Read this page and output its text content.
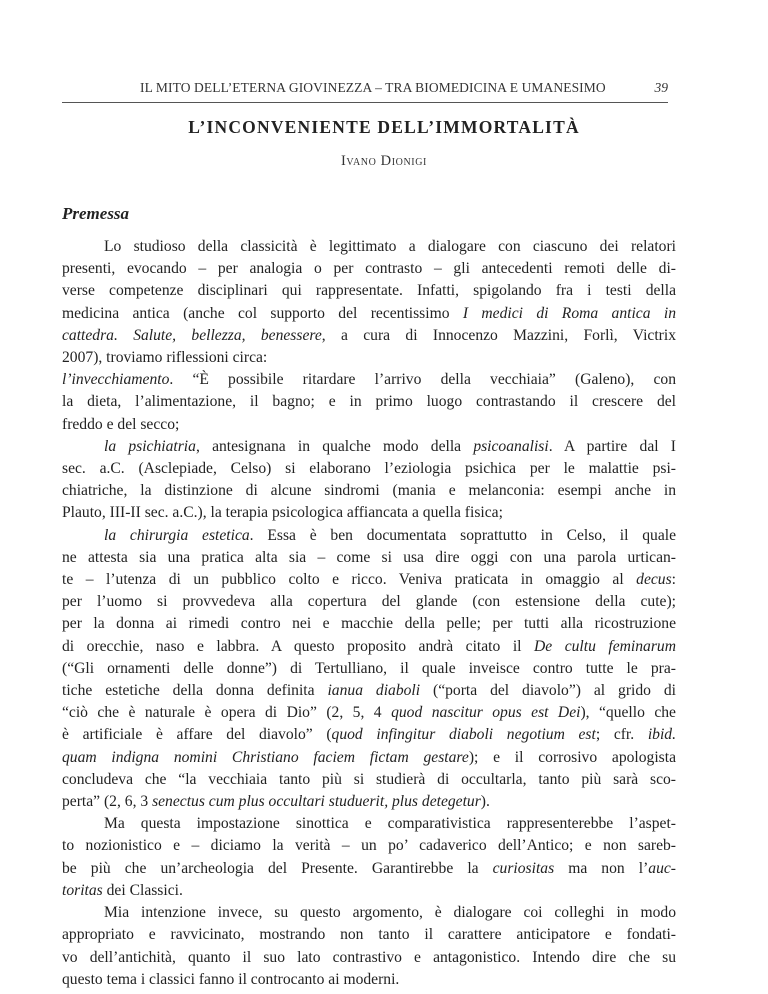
IL MITO DELL’ETERNA GIOVINEZZA – TRA BIOMEDICINA E UMANESIMO	39
L’INCONVENIENTE DELL’IMMORTALITÀ
Ivano Dionigi
Premessa
Lo studioso della classicità è legittimato a dialogare con ciascuno dei relatori
presenti, evocando – per analogia o per contrasto – gli antecedenti remoti delle di-
verse competenze disciplinari qui rappresentate. Infatti, spigolando fra i testi della
medicina antica (anche col supporto del recentissimo I medici di Roma antica in
cattedra. Salute, bellezza, benessere, a cura di Innocenzo Mazzini, Forlì, Victrix
2007), troviamo riflessioni circa:
l’invecchiamento. “È possibile ritardare l’arrivo della vecchiaia” (Galeno), con
la dieta, l’alimentazione, il bagno; e in primo luogo contrastando il crescere del
freddo e del secco;
la psichiatria, antesignana in qualche modo della psicoanalisi. A partire dal I
sec. a.C. (Asclepiade, Celso) si elaborano l’eziologia psichica per le malattie psi-
chiatriche, la distinzione di alcune sindromi (mania e melanconia: esempi anche in
Plauto, III-II sec. a.C.), la terapia psicologica affiancata a quella fisica;
la chirurgia estetica. Essa è ben documentata soprattutto in Celso, il quale
ne attesta sia una pratica alta sia – come si usa dire oggi con una parola urtican-
te – l’utenza di un pubblico colto e ricco. Veniva praticata in omaggio al decus:
per l’uomo si provvedeva alla copertura del glande (con estensione della cute);
per la donna ai rimedi contro nei e macchie della pelle; per tutti alla ricostruzione
di orecchie, naso e labbra. A questo proposito andrà citato il De cultu feminarum
(“Gli ornamenti delle donne”) di Tertulliano, il quale inveisce contro tutte le pra-
tiche estetiche della donna definita ianua diaboli (“porta del diavolo”) al grido di
“ciò che è naturale è opera di Dio” (2, 5, 4 quod nascitur opus est Dei), “quello che
è artificiale è affare del diavolo” (quod infingitur diaboli negotium est; cfr. ibid.
quam indigna nomini Christiano faciem fictam gestare); e il corrosivo apologista
concludeva che “la vecchiaia tanto più si studierà di occultarla, tanto più sarà sco-
perta” (2, 6, 3 senectus cum plus occultari studuerit, plus detegetur).
Ma questa impostazione sinottica e comparativistica rappresenterebbe l’aspet-
to nozionistico e – diciamo la verità – un po’ cadaverico dell’Antico; e non sareb-
be più che un’archeologia del Presente. Garantirebbe la curiositas ma non l’auc-
toritas dei Classici.
Mia intenzione invece, su questo argomento, è dialogare coi colleghi in modo
appropriato e ravvicinato, mostrando non tanto il carattere anticipatore e fondati-
vo dell’antichità, quanto il suo lato contrastivo e antagonistico. Intendo dire che su
questo tema i classici fanno il controcanto ai moderni.
